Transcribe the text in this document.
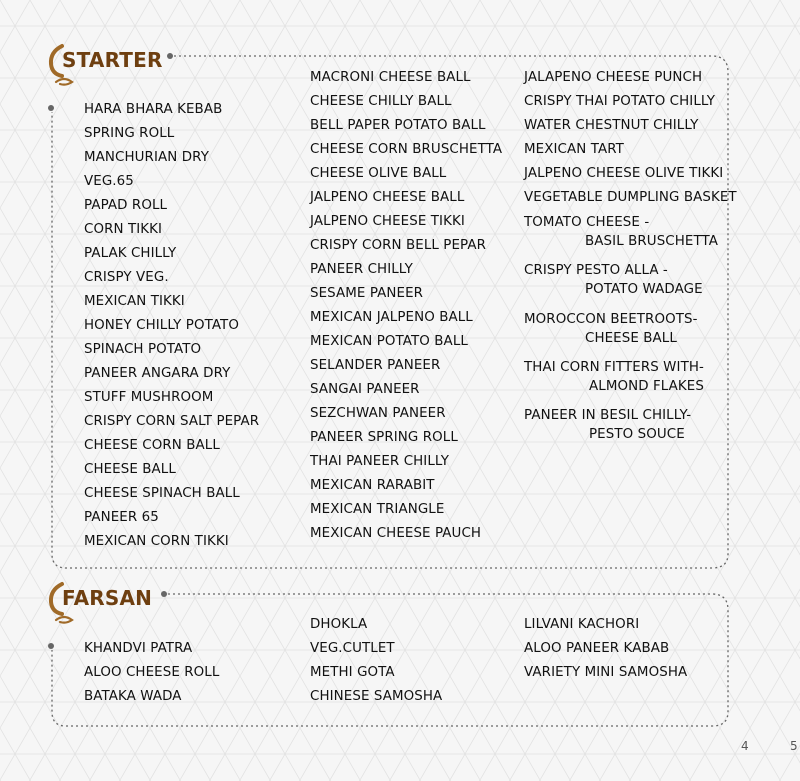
STARTER
FARSAN
HARA BHARA KEBAB
SPRING ROLL
MANCHURIAN DRY
VEG.65
PAPAD ROLL
CORN TIKKI
PALAK CHILLY
CRISPY VEG.
MEXICAN TIKKI
HONEY CHILLY POTATO
SPINACH POTATO
PANEER ANGARA DRY
STUFF MUSHROOM
CRISPY CORN SALT PEPAR
CHEESE CORN BALL
CHEESE BALL
CHEESE SPINACH BALL
PANEER 65
MEXICAN CORN TIKKI
MACRONI CHEESE BALL
CHEESE CHILLY BALL
BELL PAPER POTATO BALL
CHEESE CORN BRUSCHETTA
CHEESE OLIVE BALL
JALPENO CHEESE BALL
JALPENO CHEESE TIKKI
CRISPY CORN BELL PEPAR
PANEER CHILLY
SESAME PANEER
MEXICAN JALPENO BALL
MEXICAN POTATO BALL
SELANDER PANEER
SANGAI PANEER
SEZCHWAN PANEER
PANEER SPRING ROLL
THAI PANEER CHILLY
MEXICAN RARABIT
MEXICAN TRIANGLE
MEXICAN CHEESE PAUCH
JALAPENO CHEESE PUNCH
CRISPY THAI POTATO CHILLY
WATER CHESTNUT CHILLY
MEXICAN TART
JALPENO CHEESE OLIVE TIKKI
VEGETABLE DUMPLING BASKET
TOMATO CHEESE -
BASIL BRUSCHETTA
CRISPY PESTO ALLA -
POTATO WADAGE
MOROCCON BEETROOTS-
CHEESE BALL
THAI CORN FITTERS WITH-
ALMOND FLAKES
PANEER IN BESIL CHILLY-
PESTO SOUCE
KHANDVI PATRA
ALOO CHEESE ROLL
BATAKA WADA
DHOKLA
VEG.CUTLET
METHI GOTA
CHINESE SAMOSHA
LILVANI KACHORI
ALOO PANEER KABAB
VARIETY MINI SAMOSHA
4	5
